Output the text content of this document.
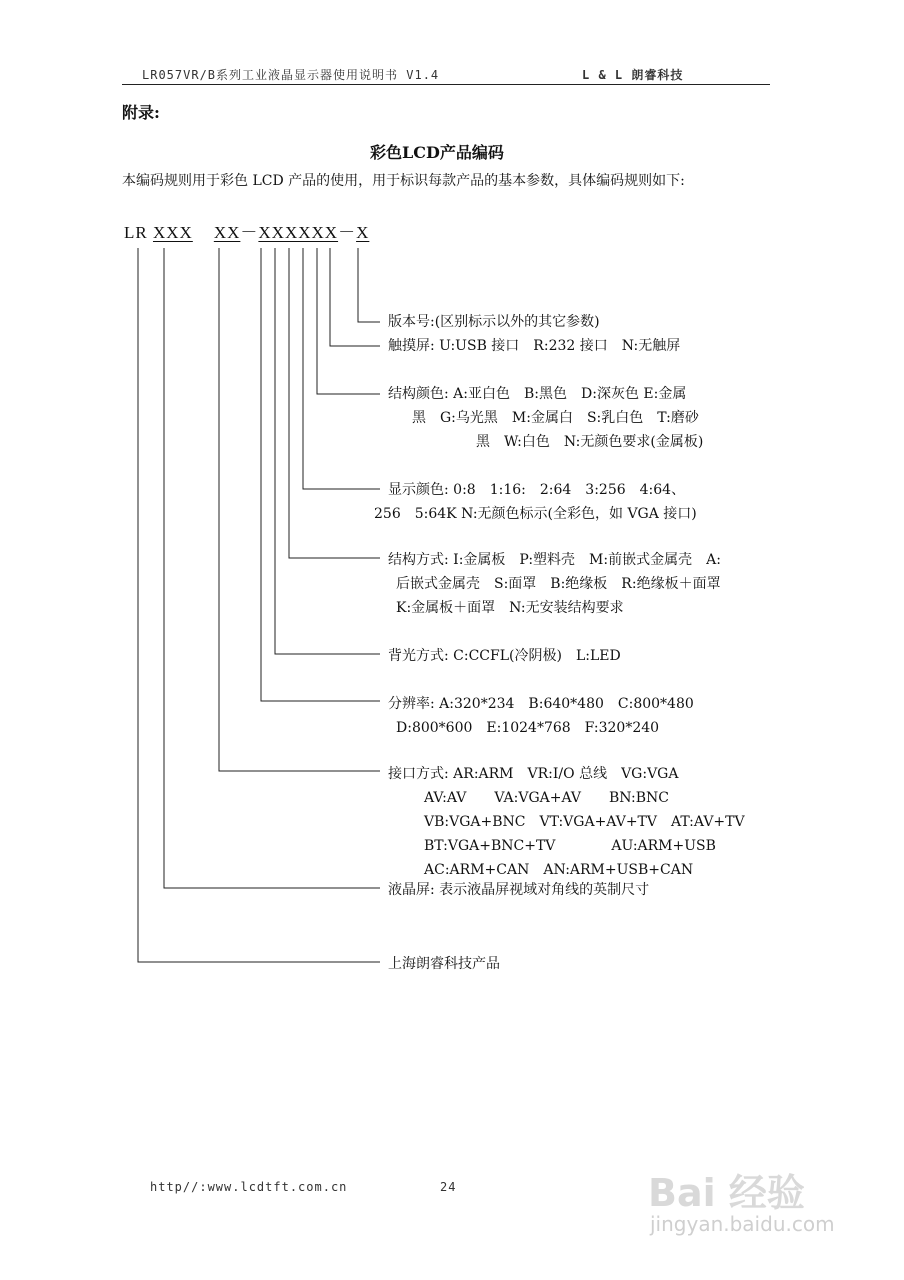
LR057VR/B系列工业液晶显示器使用说明书 V1.4	L & L 朗睿科技
附录:
彩色LCD产品编码
本编码规则用于彩色 LCD 产品的使用，用于标识每款产品的基本参数，具体编码规则如下:
LR XXX XX－XXXXXX－X
版本号:(区别标示以外的其它参数)
触摸屏: U:USB 接口　R:232 接口　N:无触屏
结构颜色: A:亚白色　B:黑色　D:深灰色 E:金属
黑　G:乌光黑　M:金属白　S:乳白色　T:磨砂
黑　W:白色　N:无颜色要求(金属板)
显示颜色: 0:8　1:16:　2:64　3:256　4:64、
256　5:64K N:无颜色标示(全彩色，如 VGA 接口)
结构方式: I:金属板　P:塑料壳　M:前嵌式金属壳　A:
后嵌式金属壳　S:面罩　B:绝缘板　R:绝缘板＋面罩
K:金属板＋面罩　N:无安装结构要求
背光方式: C:CCFL(冷阴极)　L:LED
分辨率: A:320*234　B:640*480　C:800*480
D:800*600　E:1024*768　F:320*240
接口方式: AR:ARM　VR:I/O 总线　VG:VGA
AV:AV　　VA:VGA+AV　　BN:BNC
VB:VGA+BNC　VT:VGA+AV+TV　AT:AV+TV
BT:VGA+BNC+TV　　　　AU:ARM+USB
AC:ARM+CAN　AN:ARM+USB+CAN
液晶屏: 表示液晶屏视域对角线的英制尺寸
上海朗睿科技产品
http//:www.lcdtft.com.cn	24	Bai 经验
jingyan.baidu.com
